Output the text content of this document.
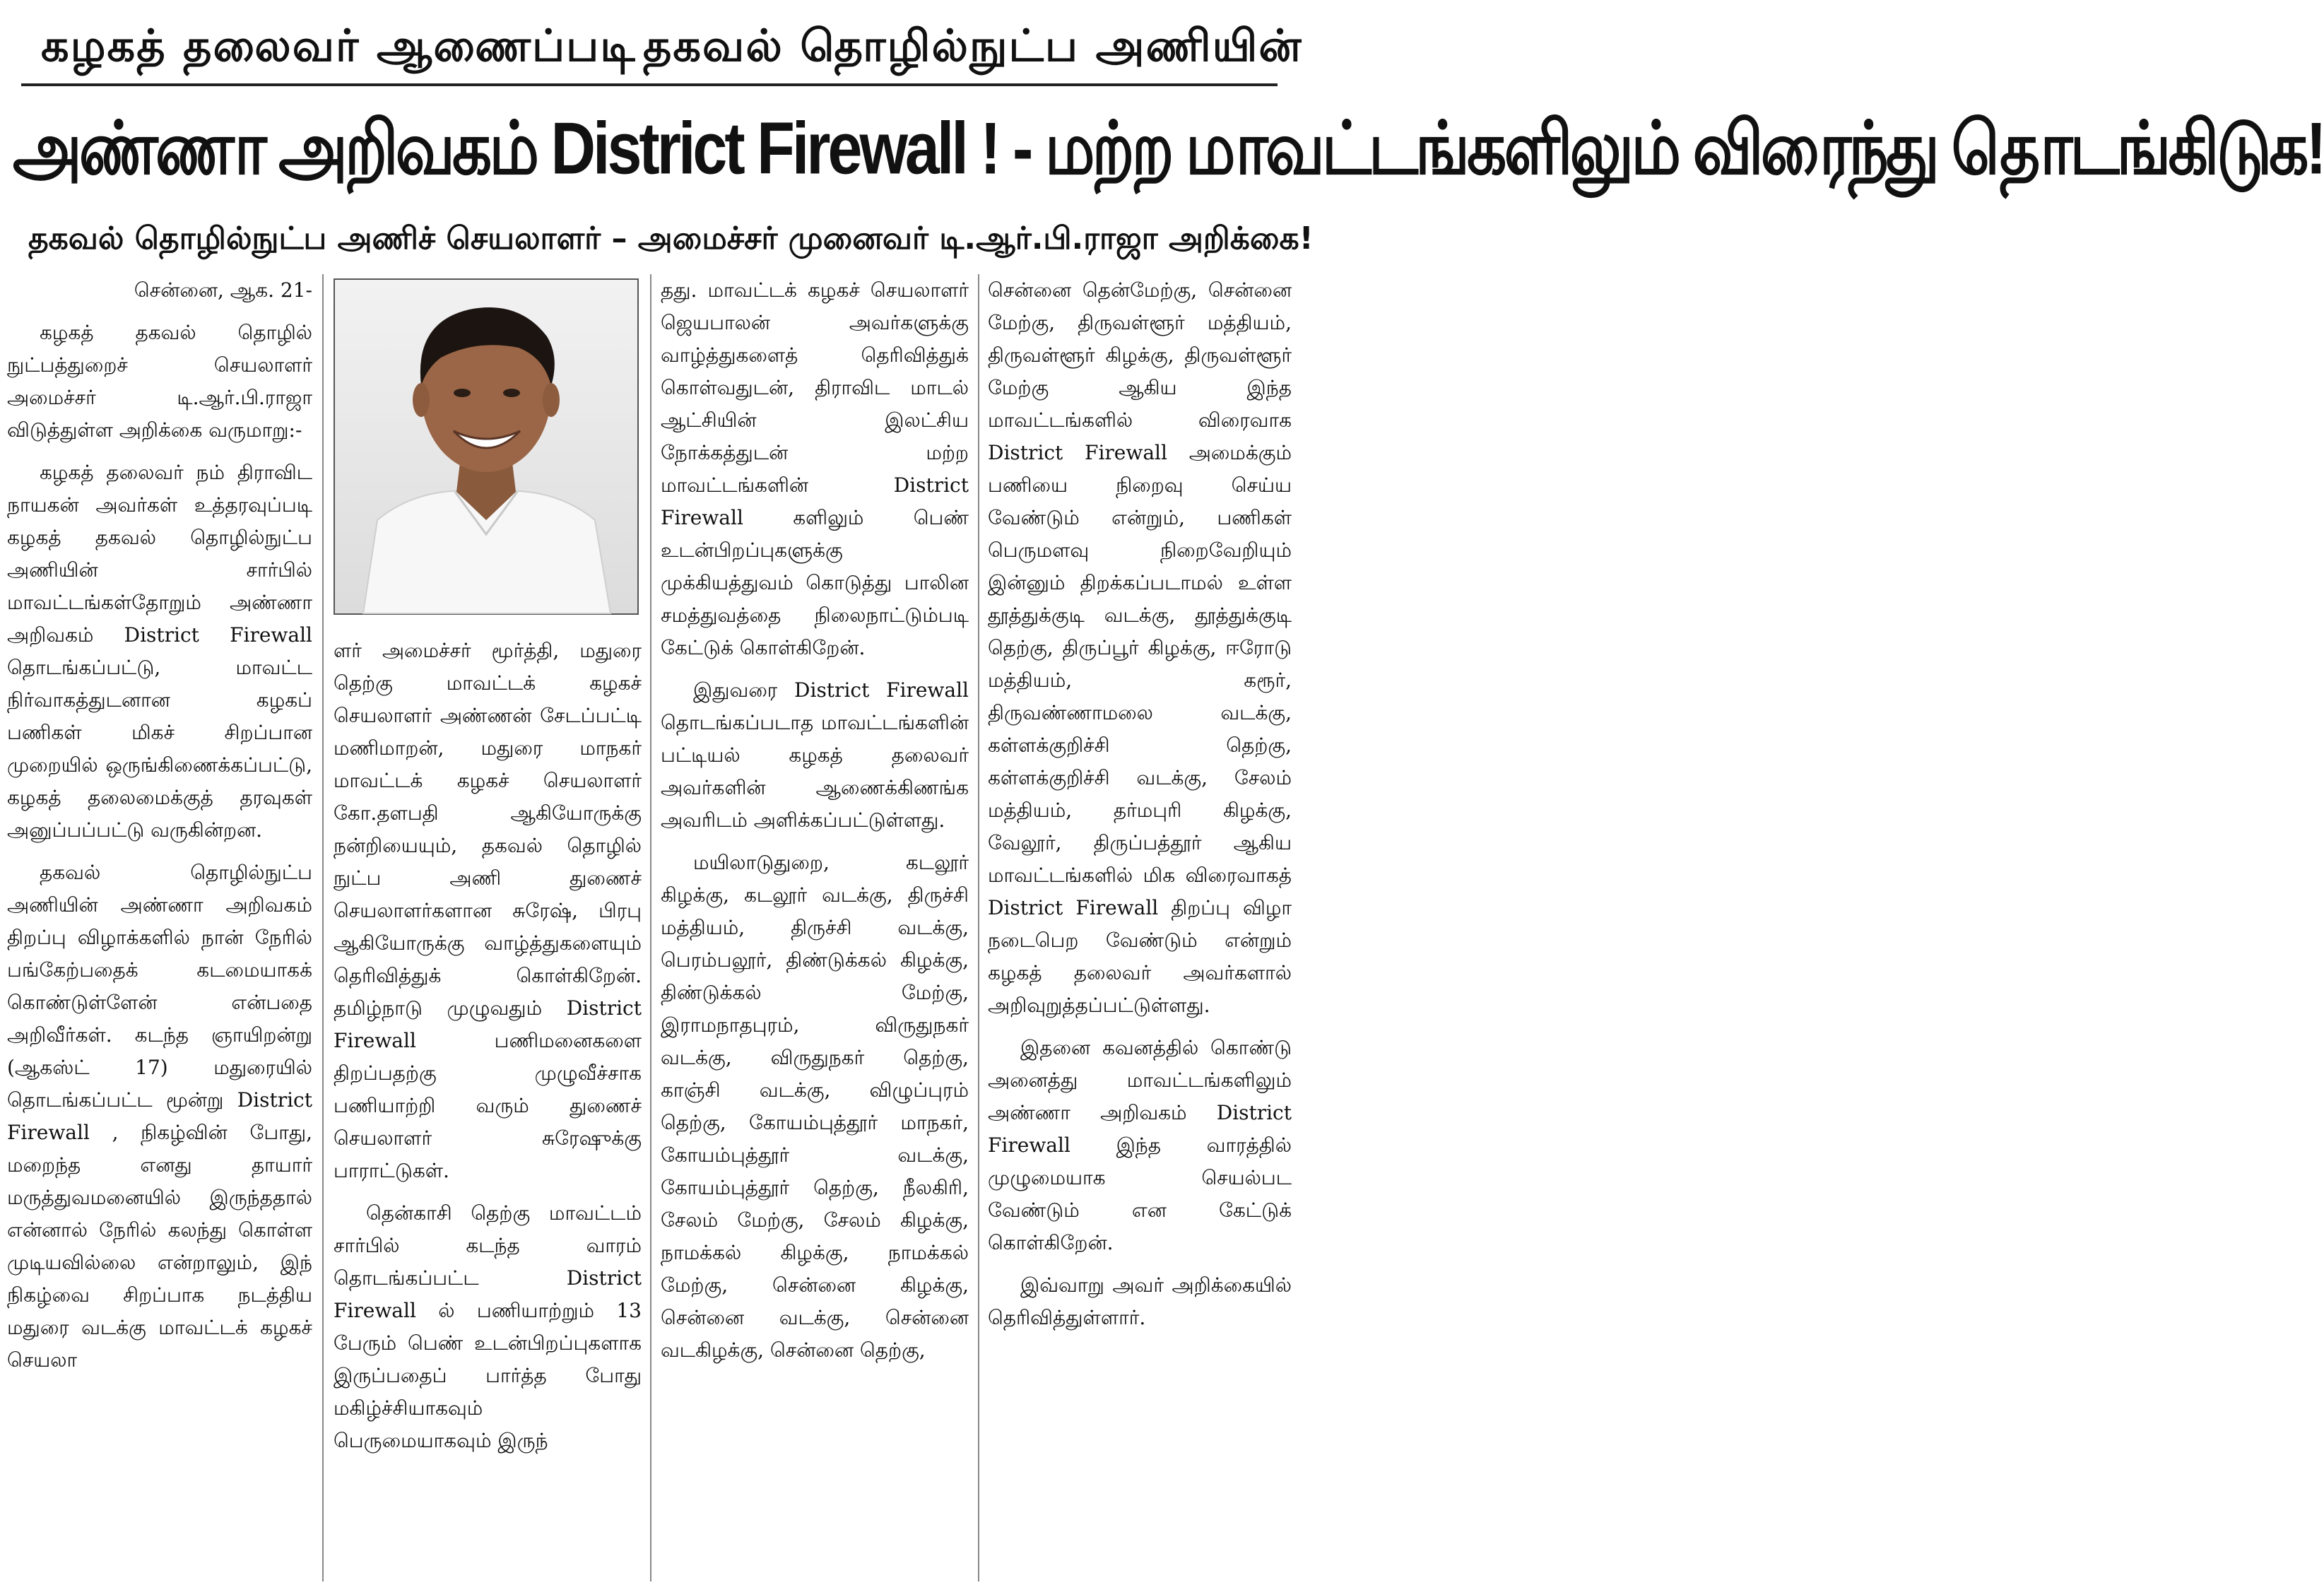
கழகத் தலைவர் ஆணைப்படி தகவல் தொழில்நுட்ப அணியின்
அண்ணா அறிவகம் District Firewall ! - மற்ற மாவட்டங்களிலும் விரைந்து தொடங்கிடுக!
தகவல் தொழில்நுட்ப அணிச் செயலாளர் – அமைச்சர் முனைவர் டி.ஆர்.பி.ராஜா அறிக்கை!

சென்னை, ஆக. 21-

கழகத் தகவல் தொழில் நுட்பத்துறைச் செயலாளர் அமைச்சர் டி.ஆர்.பி.ராஜா விடுத்துள்ள அறிக்கை வருமாறு:-

கழகத் தலைவர் நம் திராவிட நாயகன் அவர்கள் உத்தரவுப்படி கழகத் தகவல் தொழில்நுட்ப அணியின் சார்பில் மாவட்டங்கள்தோறும் அண்ணா அறிவகம் District Firewall தொடங்கப்பட்டு, மாவட்ட நிர்வாகத்துடனான கழகப் பணிகள் மிகச் சிறப்பான முறையில் ஒருங்கிணைக்கப்பட்டு, கழகத் தலைமைக்குத் தரவுகள் அனுப்பப்பட்டு வருகின்றன.

தகவல் தொழில்நுட்ப அணியின் அண்ணா அறிவகம் திறப்பு விழாக்களில் நான் நேரில் பங்கேற்பதைக் கடமையாகக் கொண்டுள்ளேன் என்பதை அறிவீர்கள். கடந்த ஞாயிறன்று (ஆகஸ்ட் 17) மதுரையில் தொடங்கப்பட்ட மூன்று District Firewall , நிகழ்வின் போது, மறைந்த எனது தாயார் மருத்துவமனையில் இருந்ததால் என்னால் நேரில் கலந்து கொள்ள முடியவில்லை என்றாலும், இந் நிகழ்வை சிறப்பாக நடத்திய மதுரை வடக்கு மாவட்டக் கழகச் செயலா

ளர் அமைச்சர் மூர்த்தி, மதுரை தெற்கு மாவட்டக் கழகச் செயலாளர் அண்ணன் சேடப்பட்டி மணிமாறன், மதுரை மாநகர் மாவட்டக் கழகச் செயலாளர் கோ.தளபதி ஆகியோருக்கு நன்றியையும், தகவல் தொழில் நுட்ப அணி துணைச் செயலாளர்களான சுரேஷ், பிரபு ஆகியோருக்கு வாழ்த்துகளையும் தெரிவித்துக் கொள்கிறேன். தமிழ்நாடு முழுவதும் District Firewall பணிமனைகளை திறப்பதற்கு முழுவீச்சாக பணியாற்றி வரும் துணைச் செயலாளர் சுரேஷுக்கு பாராட்டுகள்.

தென்காசி தெற்கு மாவட்டம் சார்பில் கடந்த வாரம் தொடங்கப்பட்ட District Firewall ல் பணியாற்றும் 13 பேரும் பெண் உடன்பிறப்புகளாக இருப்பதைப் பார்த்த போது மகிழ்ச்சியாகவும் பெருமையாகவும் இருந்

தது. மாவட்டக் கழகச் செயலாளர் ஜெயபாலன் அவர்களுக்கு வாழ்த்துகளைத் தெரிவித்துக் கொள்வதுடன், திராவிட மாடல் ஆட்சியின் இலட்சிய நோக்கத்துடன் மற்ற மாவட்டங்களின் District Firewall களிலும் பெண் உடன்பிறப்புகளுக்கு முக்கியத்துவம் கொடுத்து பாலின சமத்துவத்தை நிலைநாட்டும்படி கேட்டுக் கொள்கிறேன்.

இதுவரை District Firewall தொடங்கப்படாத மாவட்டங்களின் பட்டியல் கழகத் தலைவர் அவர்களின் ஆணைக்கிணங்க அவரிடம் அளிக்கப்பட்டுள்ளது.

மயிலாடுதுறை, கடலூர் கிழக்கு, கடலூர் வடக்கு, திருச்சி மத்தியம், திருச்சி வடக்கு, பெரம்பலூர், திண்டுக்கல் கிழக்கு, திண்டுக்கல் மேற்கு, இராமநாதபுரம், விருதுநகர் வடக்கு, விருதுநகர் தெற்கு, காஞ்சி வடக்கு, விழுப்புரம் தெற்கு, கோயம்புத்தூர் மாநகர், கோயம்புத்தூர் வடக்கு, கோயம்புத்தூர் தெற்கு, நீலகிரி, சேலம் மேற்கு, சேலம் கிழக்கு, நாமக்கல் கிழக்கு, நாமக்கல் மேற்கு, சென்னை கிழக்கு, சென்னை வடக்கு, சென்னை வடகிழக்கு, சென்னை தெற்கு,

சென்னை தென்மேற்கு, சென்னை மேற்கு, திருவள்ளூர் மத்தியம், திருவள்ளூர் கிழக்கு, திருவள்ளூர் மேற்கு ஆகிய இந்த மாவட்டங்களில் விரைவாக District Firewall அமைக்கும் பணியை நிறைவு செய்ய வேண்டும் என்றும், பணிகள் பெருமளவு நிறைவேறியும் இன்னும் திறக்கப்படாமல் உள்ள தூத்துக்குடி வடக்கு, தூத்துக்குடி தெற்கு, திருப்பூர் கிழக்கு, ஈரோடு மத்தியம், கரூர், திருவண்ணாமலை வடக்கு, கள்ளக்குறிச்சி தெற்கு, கள்ளக்குறிச்சி வடக்கு, சேலம் மத்தியம், தர்மபுரி கிழக்கு, வேலூர், திருப்பத்தூர் ஆகிய மாவட்டங்களில் மிக விரைவாகத் District Firewall திறப்பு விழா நடைபெற வேண்டும் என்றும் கழகத் தலைவர் அவர்களால் அறிவுறுத்தப்பட்டுள்ளது.

இதனை கவனத்தில் கொண்டு அனைத்து மாவட்டங்களிலும் அண்ணா அறிவகம் District Firewall இந்த வாரத்தில் முழுமையாக செயல்பட வேண்டும் என கேட்டுக் கொள்கிறேன்.

இவ்வாறு அவர் அறிக்கையில் தெரிவித்துள்ளார்.
